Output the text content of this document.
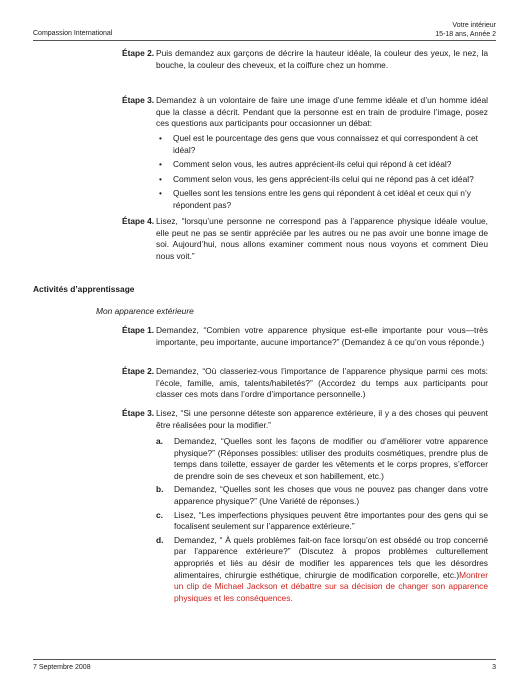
Compassion International
Votre intérieur
15-18 ans, Année 2
Étape 2. Puis demandez aux garçons de décrire la hauteur idéale, la couleur des yeux, le nez, la bouche, la couleur des cheveux, et la coiffure chez un homme.
Étape 3. Demandez à un volontaire de faire une image d’une femme idéale et d’un homme idéal que la classe a décrit. Pendant que la personne est en train de produire l’image, posez ces questions aux participants pour occasionner un débat:
• Quel est le pourcentage des gens que vous connaissez et qui correspondent à cet idéal?
• Comment selon vous, les autres apprécient-ils celui qui répond à cet idéal?
• Comment selon vous, les gens apprécient-ils celui qui ne répond pas à cet idéal?
• Quelles sont les tensions entre les gens qui répondent à cet idéal et ceux qui n’y répondent pas?
Étape 4. Lisez, “lorsqu’une personne ne correspond pas à l’apparence physique idéale voulue, elle peut ne pas se sentir appréciée par les autres ou ne pas avoir une bonne image de soi. Aujourd’hui, nous allons examiner comment nous nous voyons et comment Dieu nous voit.”
Activités d’apprentissage
Mon apparence extérieure
Étape 1. Demandez, “Combien votre apparence physique est-elle importante pour vous—très importante, peu importante, aucune importance?” (Demandez à ce qu’on vous réponde.)
Étape 2. Demandez, “Où classeriez-vous l’importance de l’apparence physique parmi ces mots: l’école, famille, amis, talents/habiletés?” (Accordez du temps aux participants pour classer ces mots dans l’ordre d’importance personnelle.)
Étape 3. Lisez, “Si une personne déteste son apparence extérieure, il y a des choses qui peuvent être réalisées pour la modifier.”
a. Demandez, “Quelles sont les façons de modifier ou d’améliorer votre apparence physique?” (Réponses possibles: utiliser des produits cosmétiques, prendre plus de temps dans toilette, essayer de garder les vêtements et le corps propres, s’efforcer de prendre soin de ses cheveux et son habillement, etc.)
b. Demandez, “Quelles sont les choses que vous ne pouvez pas changer dans votre apparence physique?” (Une Variété de réponses.)
c. Lisez, “Les imperfections physiques peuvent être importantes pour des gens qui se focalisent seulement sur l’apparence extérieure.”
d. Demandez, “ À quels problèmes fait-on face lorsqu’on est obsédé ou trop concerné par l’apparence extérieure?” (Discutez à propos problèmes culturellement appropriés et liés au désir de modifier les apparences tels que les désordres alimentaires, chirurgie esthétique, chirurgie de modification corporelle, etc.)Montrer un clip de Michael Jackson et débattre sur sa décision de changer son apparence physiques et les conséquences.
7 Septembre 2008	3
